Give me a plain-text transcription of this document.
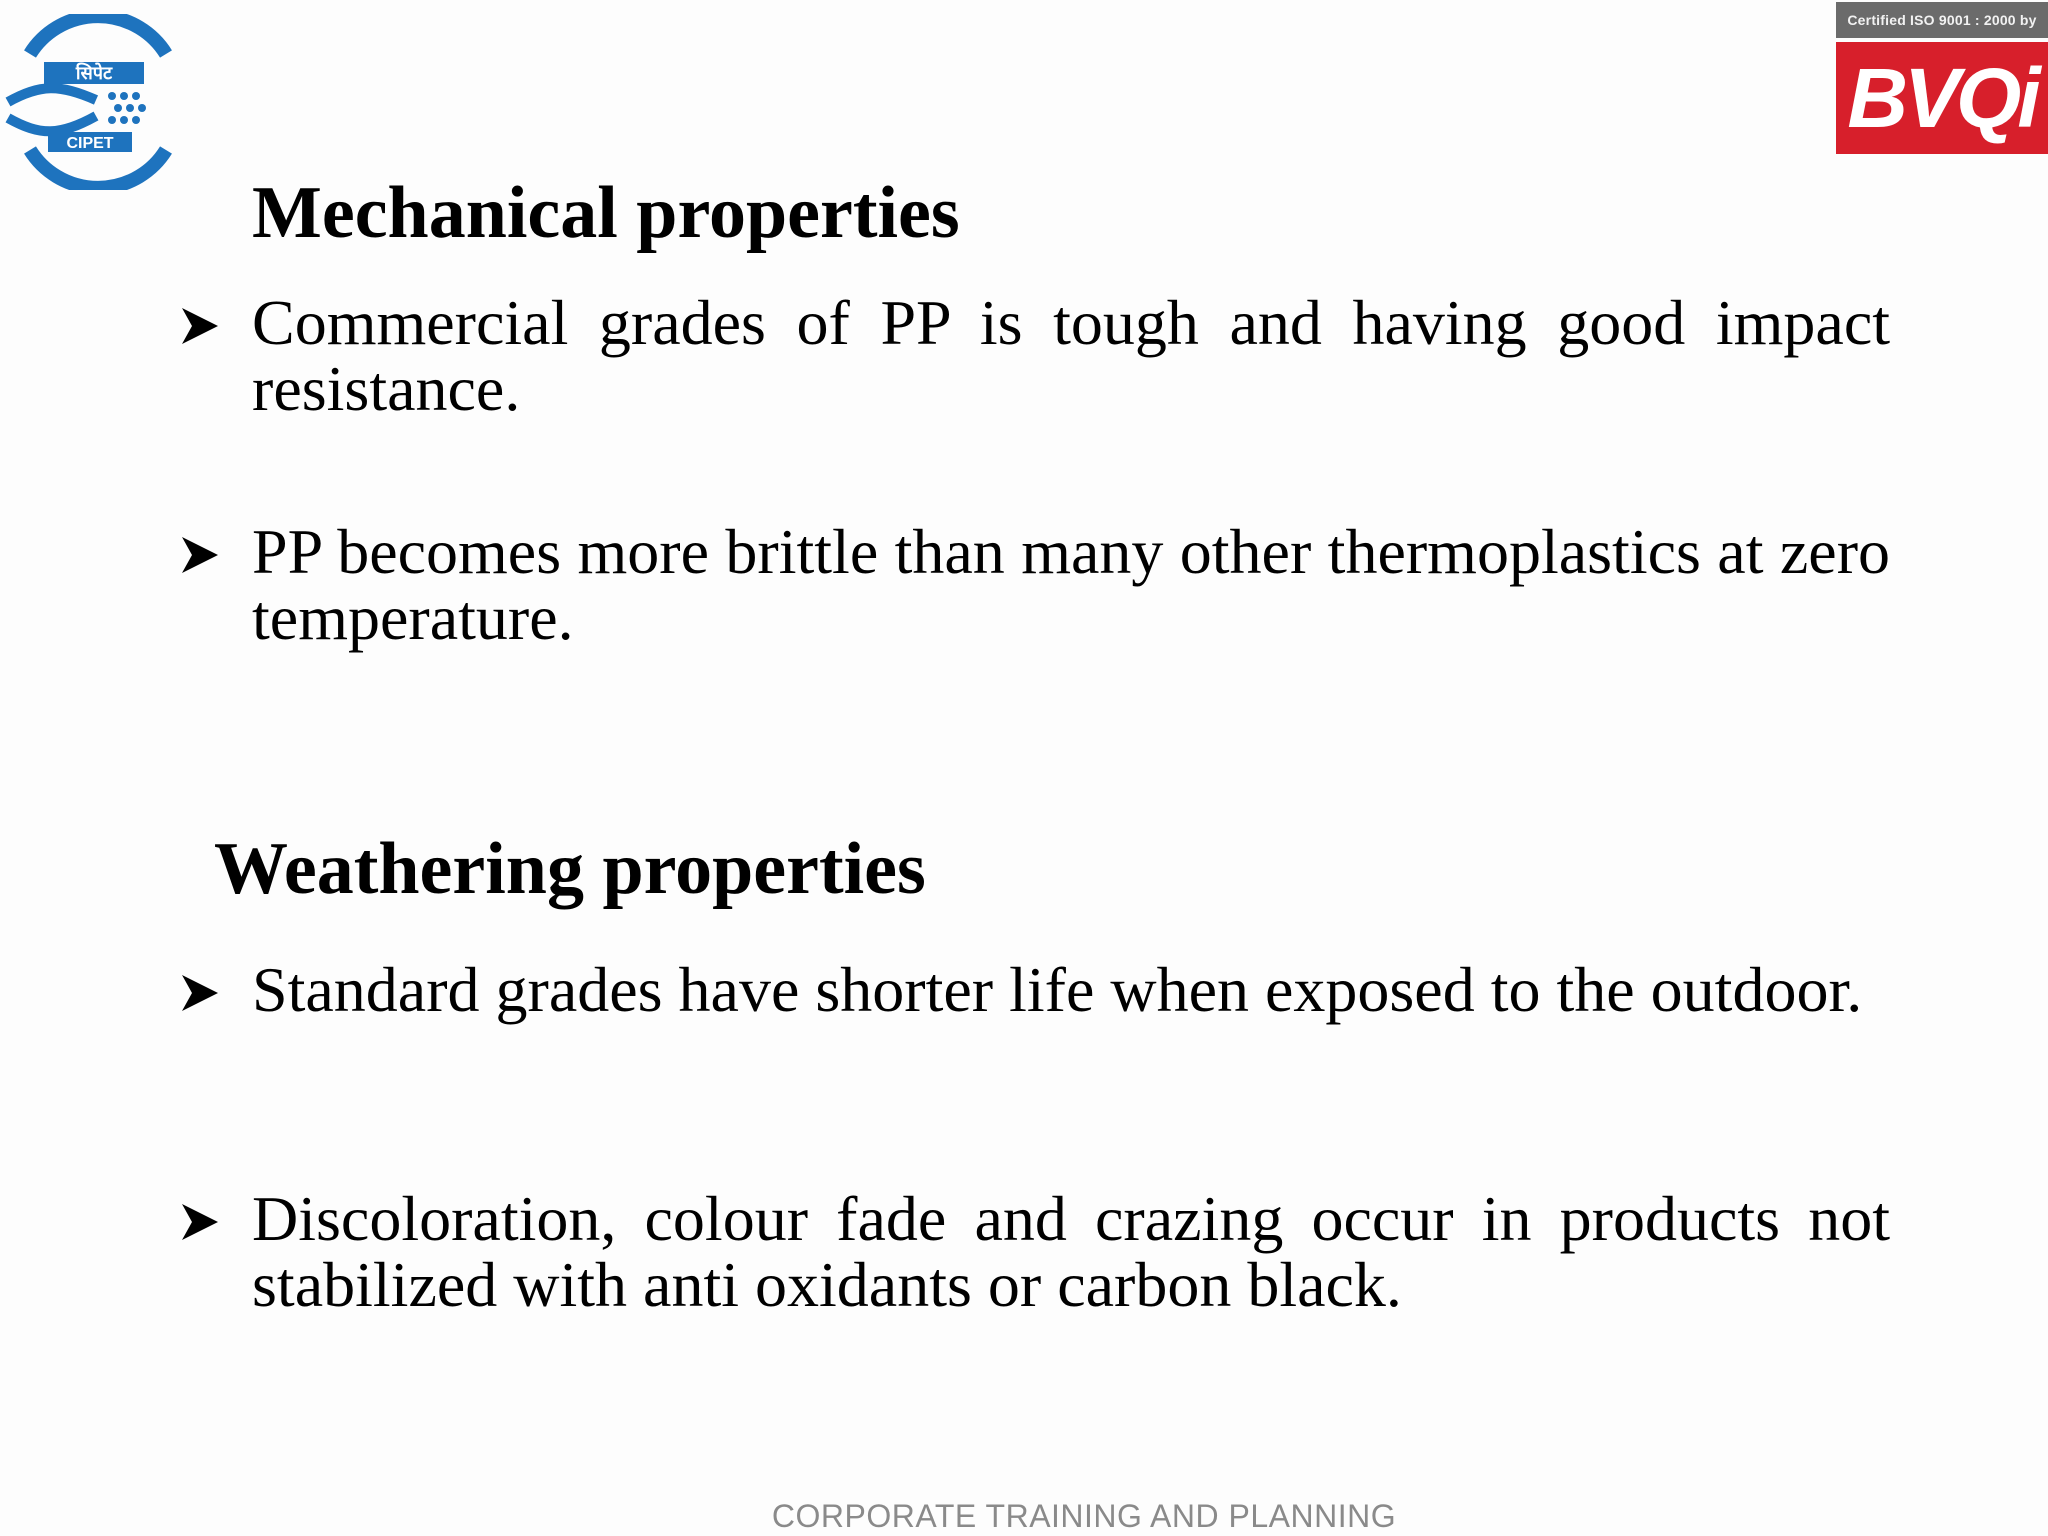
सिपेट
CIPET
Certified ISO 9001 : 2000 by
BVQi
Mechanical properties
Commercial grades of PP is tough and having good impact resistance.
PP becomes more brittle than many other thermoplastics at zero temperature.
Weathering properties
Standard grades have shorter life when exposed to the outdoor.
Discoloration, colour fade and crazing occur in products not stabilized with anti oxidants or carbon black.
CORPORATE TRAINING AND PLANNING
